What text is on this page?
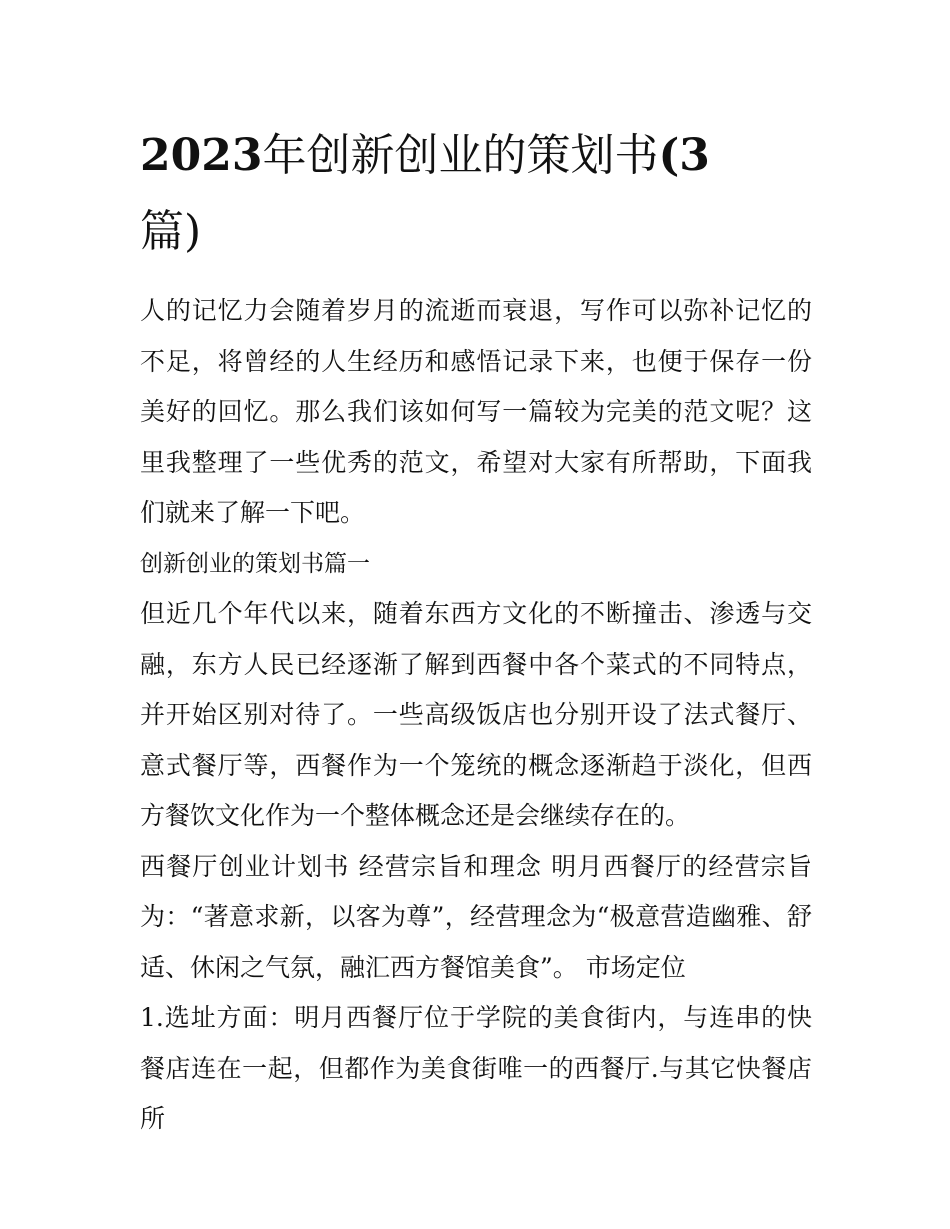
2023年创新创业的策划书(3
篇)

人的记忆力会随着岁月的流逝而衰退，写作可以弥补记忆的不足，将曾经的人生经历和感悟记录下来，也便于保存一份美好的回忆。那么我们该如何写一篇较为完美的范文呢？这里我整理了一些优秀的范文，希望对大家有所帮助，下面我们就来了解一下吧。

创新创业的策划书篇一

但近几个年代以来，随着东西方文化的不断撞击、渗透与交融，东方人民已经逐渐了解到西餐中各个菜式的不同特点，并开始区别对待了。一些高级饭店也分别开设了法式餐厅、意式餐厅等，西餐作为一个笼统的概念逐渐趋于淡化，但西方餐饮文化作为一个整体概念还是会继续存在的。

西餐厅创业计划书 经营宗旨和理念 明月西餐厅的经营宗旨为：“著意求新，以客为尊”，经营理念为“极意营造幽雅、舒适、休闲之气氛，融汇西方餐馆美食”。 市场定位

1.选址方面：明月西餐厅位于学院的美食街内，与连串的快餐店连在一起，但都作为美食街唯一的西餐厅.与其它快餐店所
